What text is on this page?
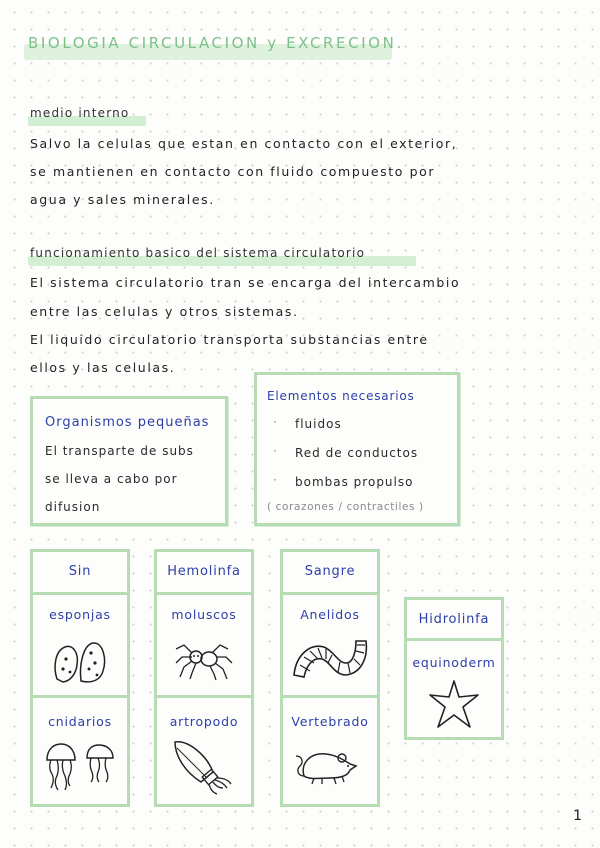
BIOLOGIA CIRCULACION y EXCRECION.
medio interno
Salvo la celulas que estan en contacto con el exterior,
se mantienen en contacto con fluido compuesto por
agua y sales minerales.
funcionamiento basico del sistema circulatorio
El sistema circulatorio tran se encarga del intercambio
entre las celulas y otros sistemas.
El liquido circulatorio transporta substancias entre
ellos y las celulas.
Organismos pequeñas
El transparte de subs
se lleva a cabo por
difusion
Elementos necesarios
· fluidos
· Red de conductos
· bombas propulso
( corazones / contractiles )
Sin
esponjas
cnidarios
Hemolinfa
moluscos
artropodo
Sangre
Anelidos
Vertebrado
Hidrolinfa
equinoderm
1
